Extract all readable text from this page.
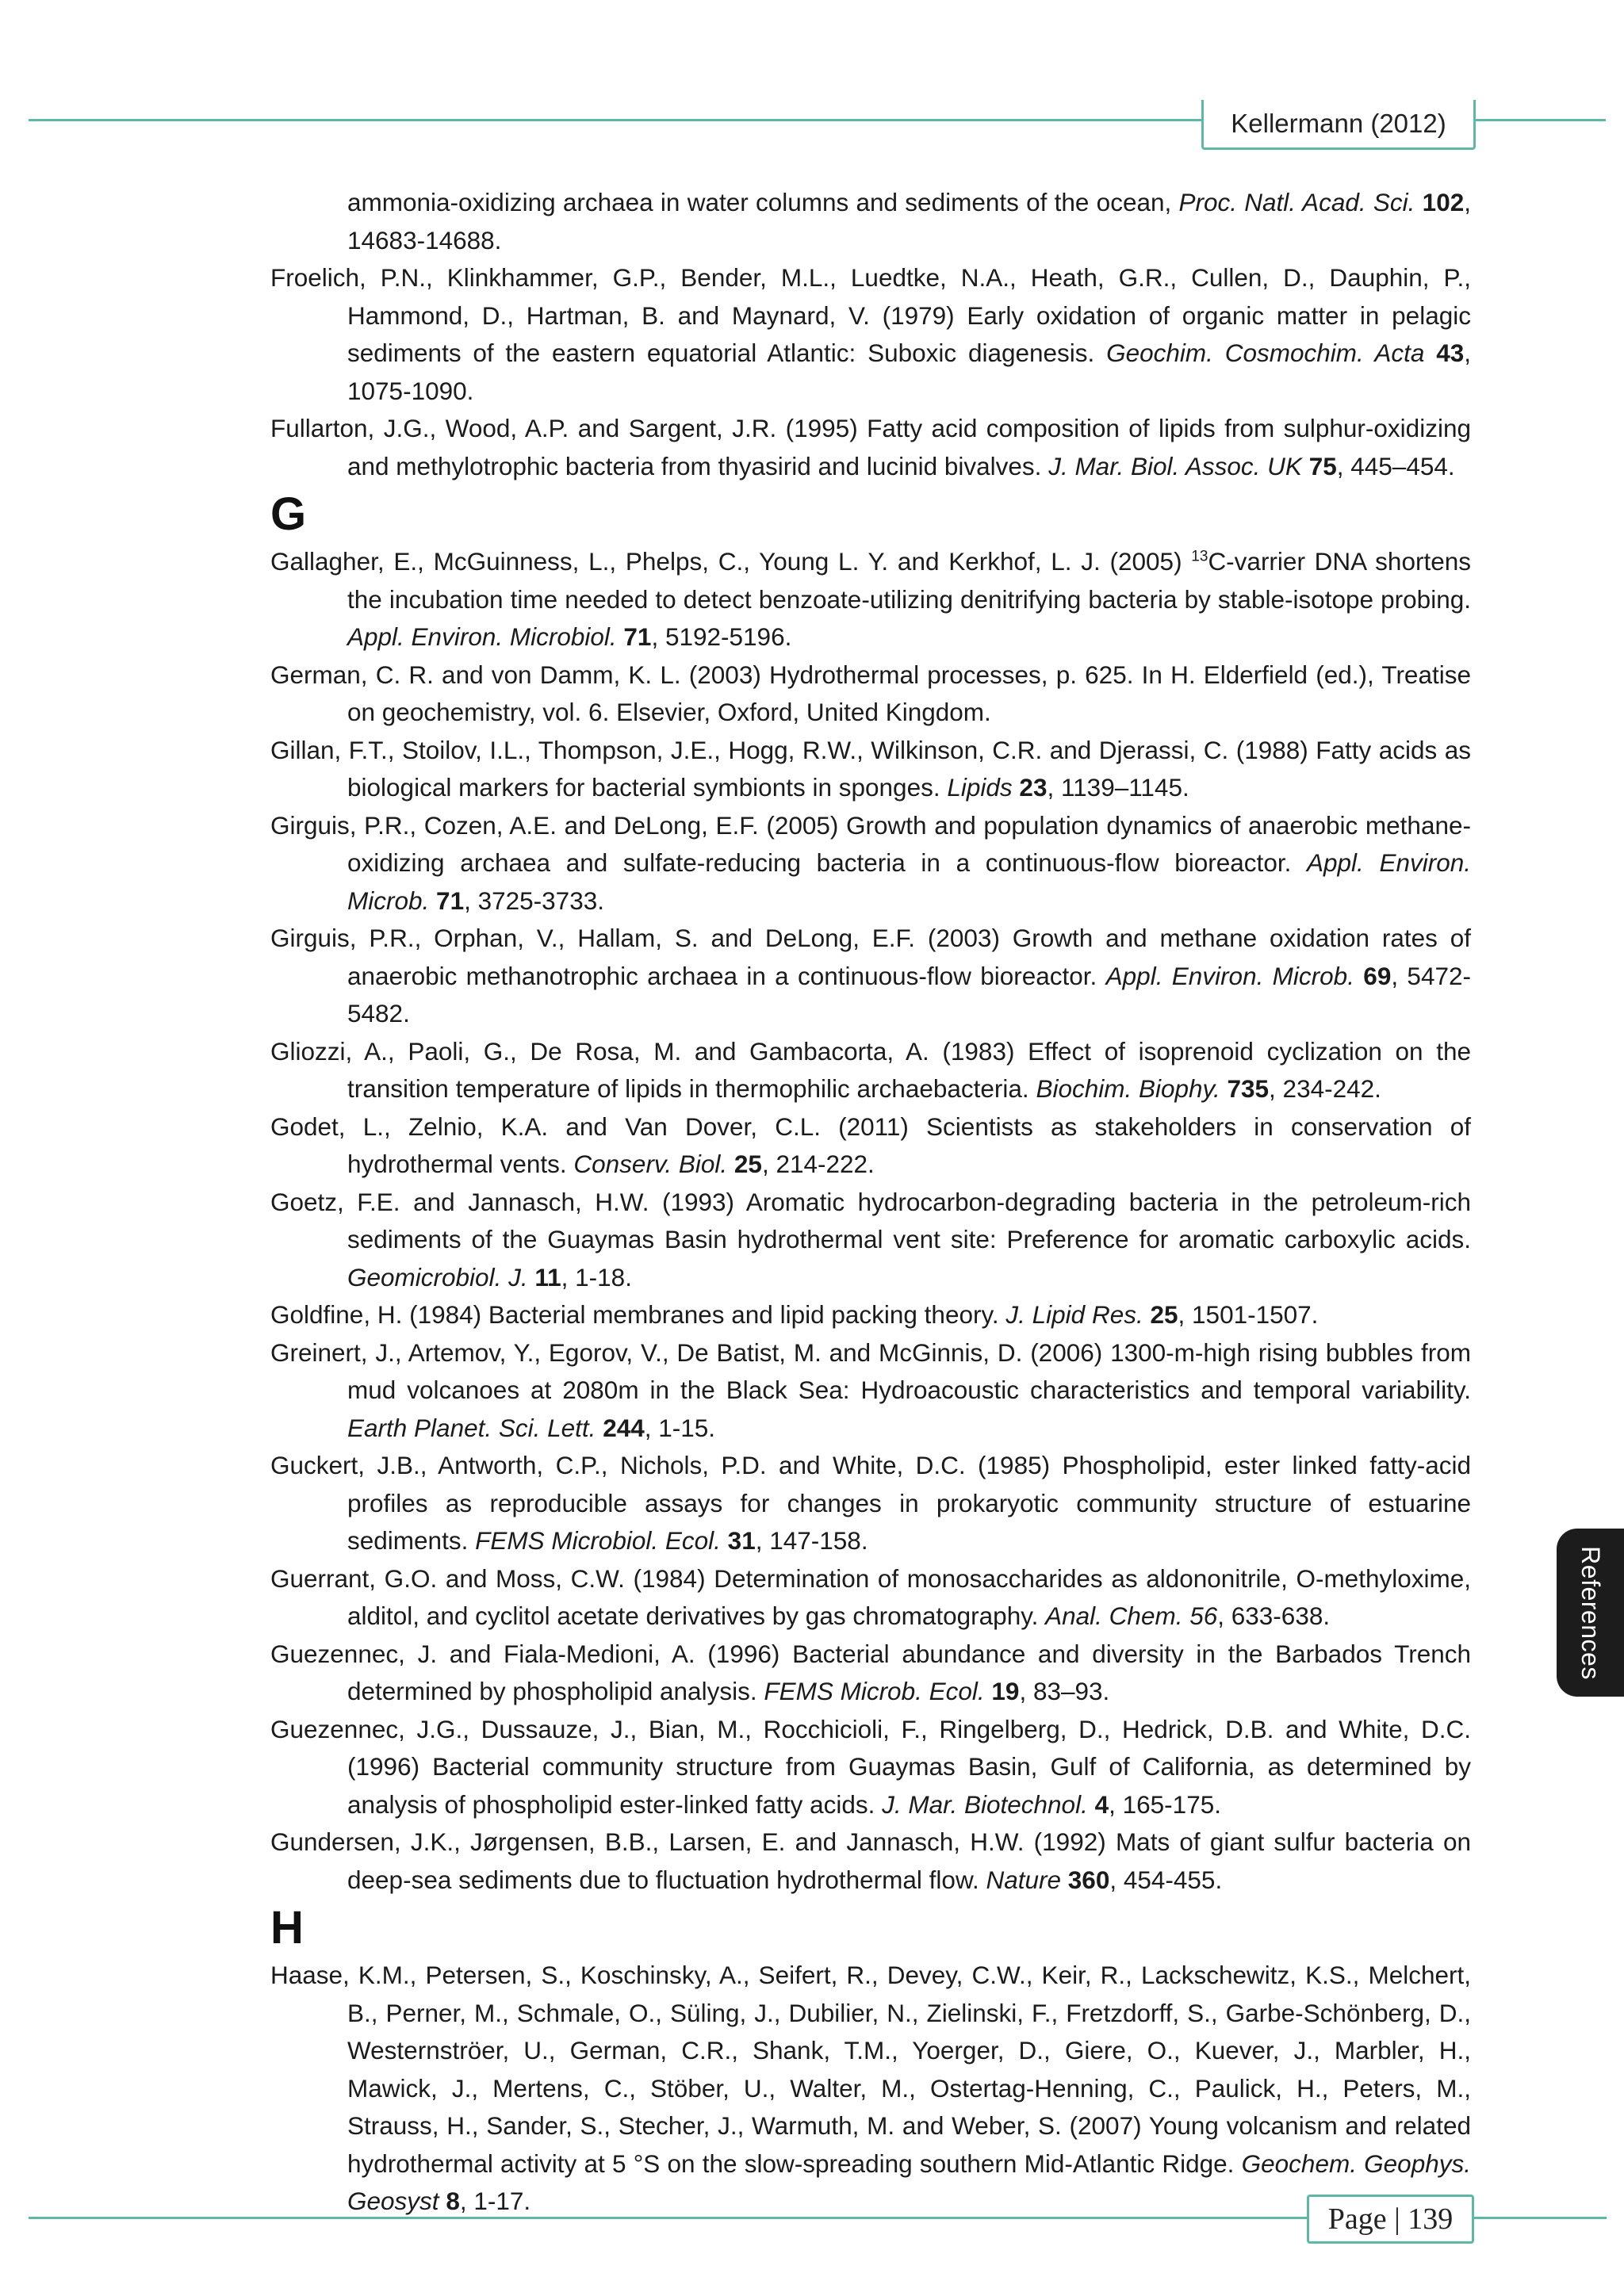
Kellermann (2012)

ammonia-oxidizing archaea in water columns and sediments of the ocean, Proc. Natl. Acad. Sci. 102, 14683-14688.

Froelich, P.N., Klinkhammer, G.P., Bender, M.L., Luedtke, N.A., Heath, G.R., Cullen, D., Dauphin, P., Hammond, D., Hartman, B. and Maynard, V. (1979) Early oxidation of organic matter in pelagic sediments of the eastern equatorial Atlantic: Suboxic diagenesis. Geochim. Cosmochim. Acta 43, 1075-1090.

Fullarton, J.G., Wood, A.P. and Sargent, J.R. (1995) Fatty acid composition of lipids from sulphur-oxidizing and methylotrophic bacteria from thyasirid and lucinid bivalves. J. Mar. Biol. Assoc. UK 75, 445–454.

G

Gallagher, E., McGuinness, L., Phelps, C., Young L. Y. and Kerkhof, L. J. (2005) $^{13}$C-varrier DNA shortens the incubation time needed to detect benzoate-utilizing denitrifying bacteria by stable-isotope probing. Appl. Environ. Microbiol. 71, 5192-5196.

German, C. R. and von Damm, K. L. (2003) Hydrothermal processes, p. 625. In H. Elderfield (ed.), Treatise on geochemistry, vol. 6. Elsevier, Oxford, United Kingdom.

Gillan, F.T., Stoilov, I.L., Thompson, J.E., Hogg, R.W., Wilkinson, C.R. and Djerassi, C. (1988) Fatty acids as biological markers for bacterial symbionts in sponges. Lipids 23, 1139–1145.

Girguis, P.R., Cozen, A.E. and DeLong, E.F. (2005) Growth and population dynamics of anaerobic methane-oxidizing archaea and sulfate-reducing bacteria in a continuous-flow bioreactor. Appl. Environ. Microb. 71, 3725-3733.

Girguis, P.R., Orphan, V., Hallam, S. and DeLong, E.F. (2003) Growth and methane oxidation rates of anaerobic methanotrophic archaea in a continuous-flow bioreactor. Appl. Environ. Microb. 69, 5472-5482.

Gliozzi, A., Paoli, G., De Rosa, M. and Gambacorta, A. (1983) Effect of isoprenoid cyclization on the transition temperature of lipids in thermophilic archaebacteria. Biochim. Biophy. 735, 234-242.

Godet, L., Zelnio, K.A. and Van Dover, C.L. (2011) Scientists as stakeholders in conservation of hydrothermal vents. Conserv. Biol. 25, 214-222.

Goetz, F.E. and Jannasch, H.W. (1993) Aromatic hydrocarbon-degrading bacteria in the petroleum-rich sediments of the Guaymas Basin hydrothermal vent site: Preference for aromatic carboxylic acids. Geomicrobiol. J. 11, 1-18.

Goldfine, H. (1984) Bacterial membranes and lipid packing theory. J. Lipid Res. 25, 1501-1507.

Greinert, J., Artemov, Y., Egorov, V., De Batist, M. and McGinnis, D. (2006) 1300-m-high rising bubbles from mud volcanoes at 2080m in the Black Sea: Hydroacoustic characteristics and temporal variability. Earth Planet. Sci. Lett. 244, 1-15.

Guckert, J.B., Antworth, C.P., Nichols, P.D. and White, D.C. (1985) Phospholipid, ester linked fatty-acid profiles as reproducible assays for changes in prokaryotic community structure of estuarine sediments. FEMS Microbiol. Ecol. 31, 147-158.

Guerrant, G.O. and Moss, C.W. (1984) Determination of monosaccharides as aldononitrile, O-methyloxime, alditol, and cyclitol acetate derivatives by gas chromatography. Anal. Chem. 56, 633-638.

Guezennec, J. and Fiala-Medioni, A. (1996) Bacterial abundance and diversity in the Barbados Trench determined by phospholipid analysis. FEMS Microb. Ecol. 19, 83–93.

Guezennec, J.G., Dussauze, J., Bian, M., Rocchicioli, F., Ringelberg, D., Hedrick, D.B. and White, D.C. (1996) Bacterial community structure from Guaymas Basin, Gulf of California, as determined by analysis of phospholipid ester-linked fatty acids. J. Mar. Biotechnol. 4, 165-175.

Gundersen, J.K., Jørgensen, B.B., Larsen, E. and Jannasch, H.W. (1992) Mats of giant sulfur bacteria on deep-sea sediments due to fluctuation hydrothermal flow. Nature 360, 454-455.

H

Haase, K.M., Petersen, S., Koschinsky, A., Seifert, R., Devey, C.W., Keir, R., Lackschewitz, K.S., Melchert, B., Perner, M., Schmale, O., Süling, J., Dubilier, N., Zielinski, F., Fretzdorff, S., Garbe-Schönberg, D., Westernströer, U., German, C.R., Shank, T.M., Yoerger, D., Giere, O., Kuever, J., Marbler, H., Mawick, J., Mertens, C., Stöber, U., Walter, M., Ostertag-Henning, C., Paulick, H., Peters, M., Strauss, H., Sander, S., Stecher, J., Warmuth, M. and Weber, S. (2007) Young volcanism and related hydrothermal activity at 5 °S on the slow-spreading southern Mid-Atlantic Ridge. Geochem. Geophys. Geosyst 8, 1-17.

References
Page | 139
